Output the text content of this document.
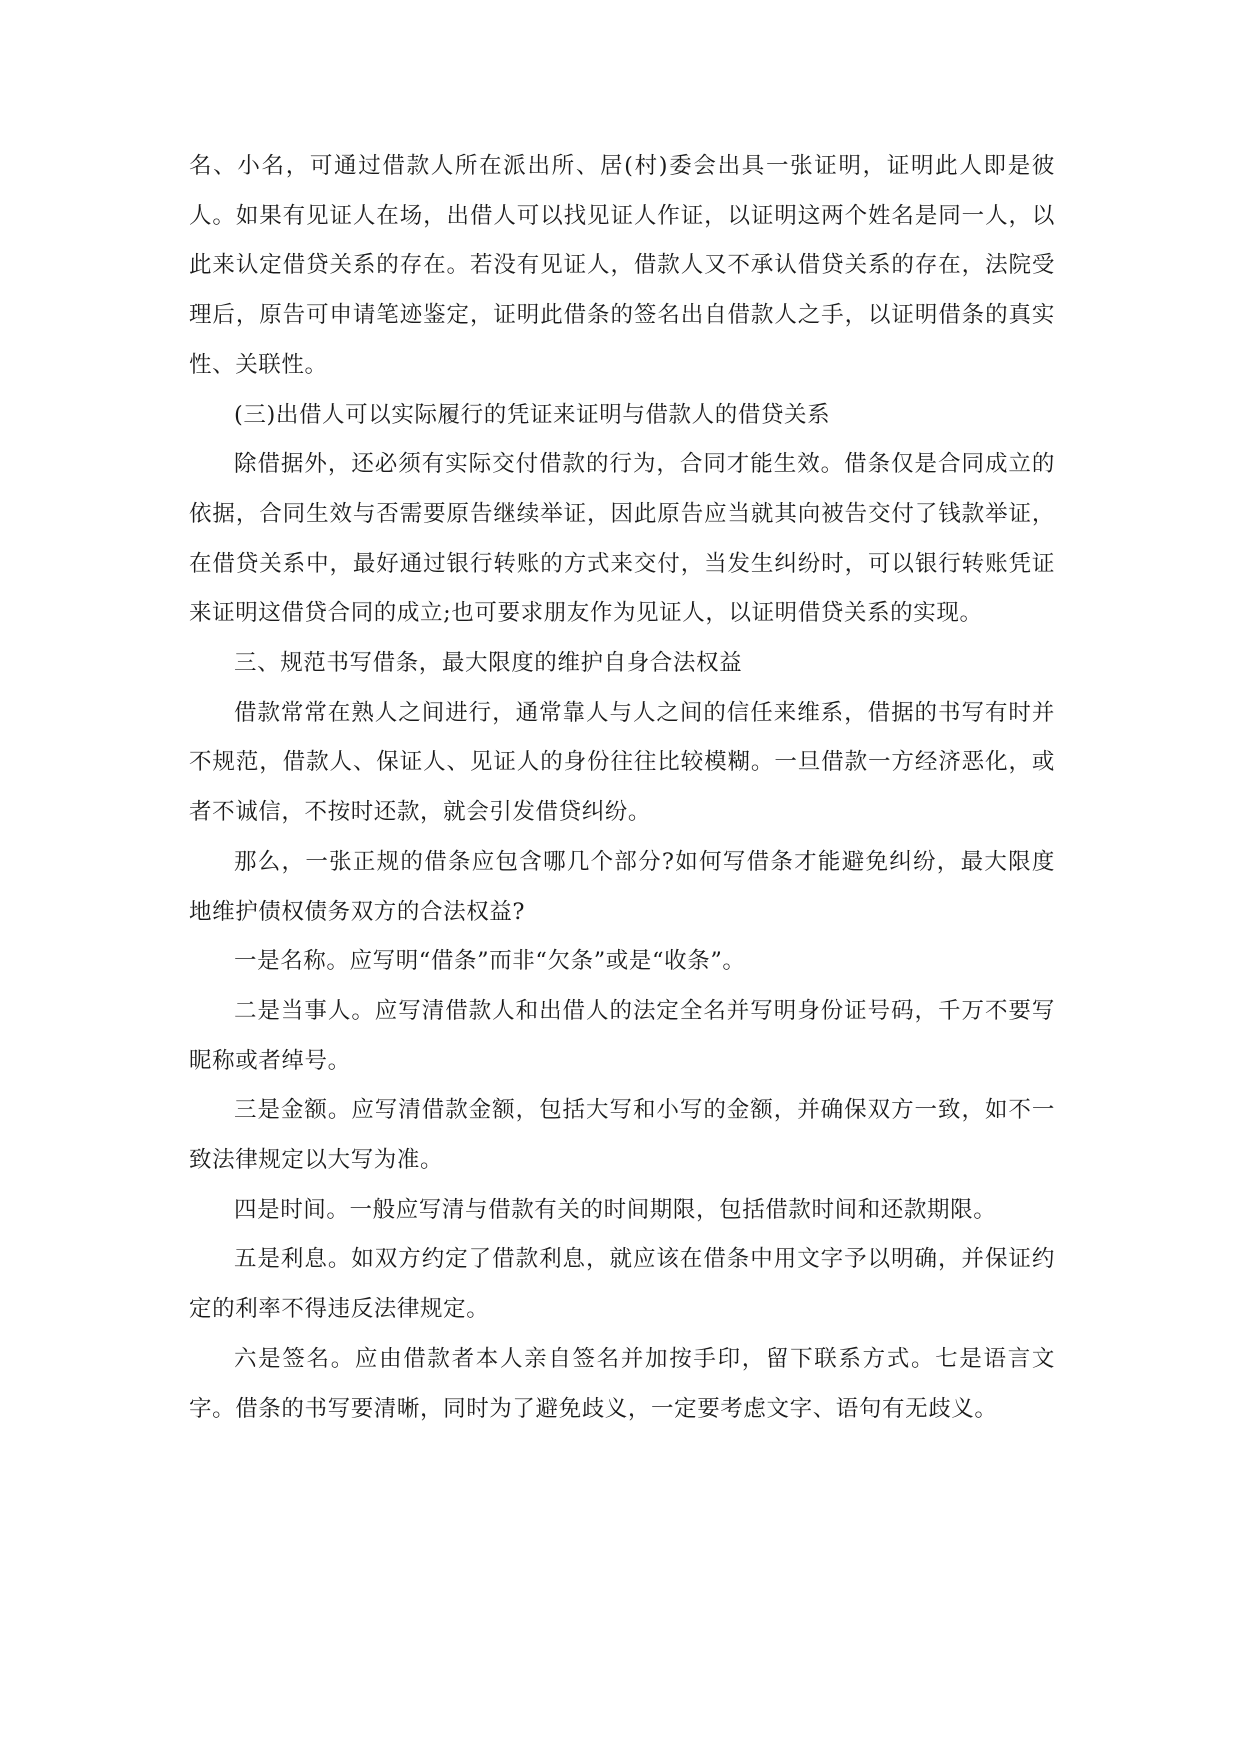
名、小名，可通过借款人所在派出所、居(村)委会出具一张证明，证明此人即是彼人。如果有见证人在场，出借人可以找见证人作证，以证明这两个姓名是同一人，以此来认定借贷关系的存在。若没有见证人，借款人又不承认借贷关系的存在，法院受理后，原告可申请笔迹鉴定，证明此借条的签名出自借款人之手，以证明借条的真实性、关联性。

(三)出借人可以实际履行的凭证来证明与借款人的借贷关系

除借据外，还必须有实际交付借款的行为，合同才能生效。借条仅是合同成立的依据，合同生效与否需要原告继续举证，因此原告应当就其向被告交付了钱款举证，在借贷关系中，最好通过银行转账的方式来交付，当发生纠纷时，可以银行转账凭证来证明这借贷合同的成立;也可要求朋友作为见证人，以证明借贷关系的实现。

三、规范书写借条，最大限度的维护自身合法权益

借款常常在熟人之间进行，通常靠人与人之间的信任来维系，借据的书写有时并不规范，借款人、保证人、见证人的身份往往比较模糊。一旦借款一方经济恶化，或者不诚信，不按时还款，就会引发借贷纠纷。

那么，一张正规的借条应包含哪几个部分?如何写借条才能避免纠纷，最大限度地维护债权债务双方的合法权益?

一是名称。应写明“借条”而非“欠条”或是“收条”。

二是当事人。应写清借款人和出借人的法定全名并写明身份证号码，千万不要写昵称或者绰号。

三是金额。应写清借款金额，包括大写和小写的金额，并确保双方一致，如不一致法律规定以大写为准。

四是时间。一般应写清与借款有关的时间期限，包括借款时间和还款期限。

五是利息。如双方约定了借款利息，就应该在借条中用文字予以明确，并保证约定的利率不得违反法律规定。

六是签名。应由借款者本人亲自签名并加按手印，留下联系方式。七是语言文字。借条的书写要清晰，同时为了避免歧义，一定要考虑文字、语句有无歧义。
